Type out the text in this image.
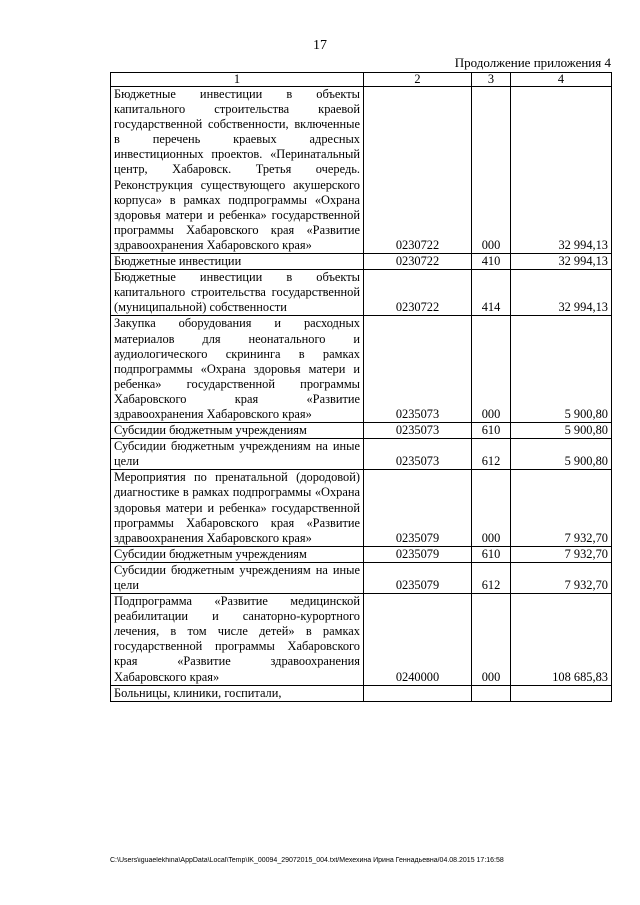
17
Продолжение приложения 4
1	2	3	4
Бюджетные инвестиции в объекты капитального строительства краевой государственной собственности, включенные в перечень краевых адресных инвестиционных проектов. «Перинатальный центр, Хабаровск. Третья очередь. Реконструкция существующего акушерского корпуса» в рамках подпрограммы «Охрана здоровья матери и ребенка» государственной программы Хабаровского края «Развитие здравоохранения Хабаровского края»	0230722	000	32 994,13
Бюджетные инвестиции	0230722	410	32 994,13
Бюджетные инвестиции в объекты капитального строительства государственной (муниципальной) собственности	0230722	414	32 994,13
Закупка оборудования и расходных материалов для неонатального и аудиологического скрининга в рамках подпрограммы «Охрана здоровья матери и ребенка» государственной программы Хабаровского края «Развитие здравоохранения Хабаровского края»	0235073	000	5 900,80
Субсидии бюджетным учреждениям	0235073	610	5 900,80
Субсидии бюджетным учреждениям на иные цели	0235073	612	5 900,80
Мероприятия по пренатальной (дородовой) диагностике в рамках подпрограммы «Охрана здоровья матери и ребенка» государственной программы Хабаровского края «Развитие здравоохранения Хабаровского края»	0235079	000	7 932,70
Субсидии бюджетным учреждениям	0235079	610	7 932,70
Субсидии бюджетным учреждениям на иные цели	0235079	612	7 932,70
Подпрограмма «Развитие медицинской реабилитации и санаторно-курортного лечения, в том числе детей» в рамках государственной программы Хабаровского края «Развитие здравоохранения Хабаровского края»	0240000	000	108 685,83
Больницы, клиники, госпитали,			
C:\Users\iguaelekhina\AppData\Local\Temp\IK_00094_29072015_004.txt/Мехехина Ирина Геннадьевна/04.08.2015 17:16:58
